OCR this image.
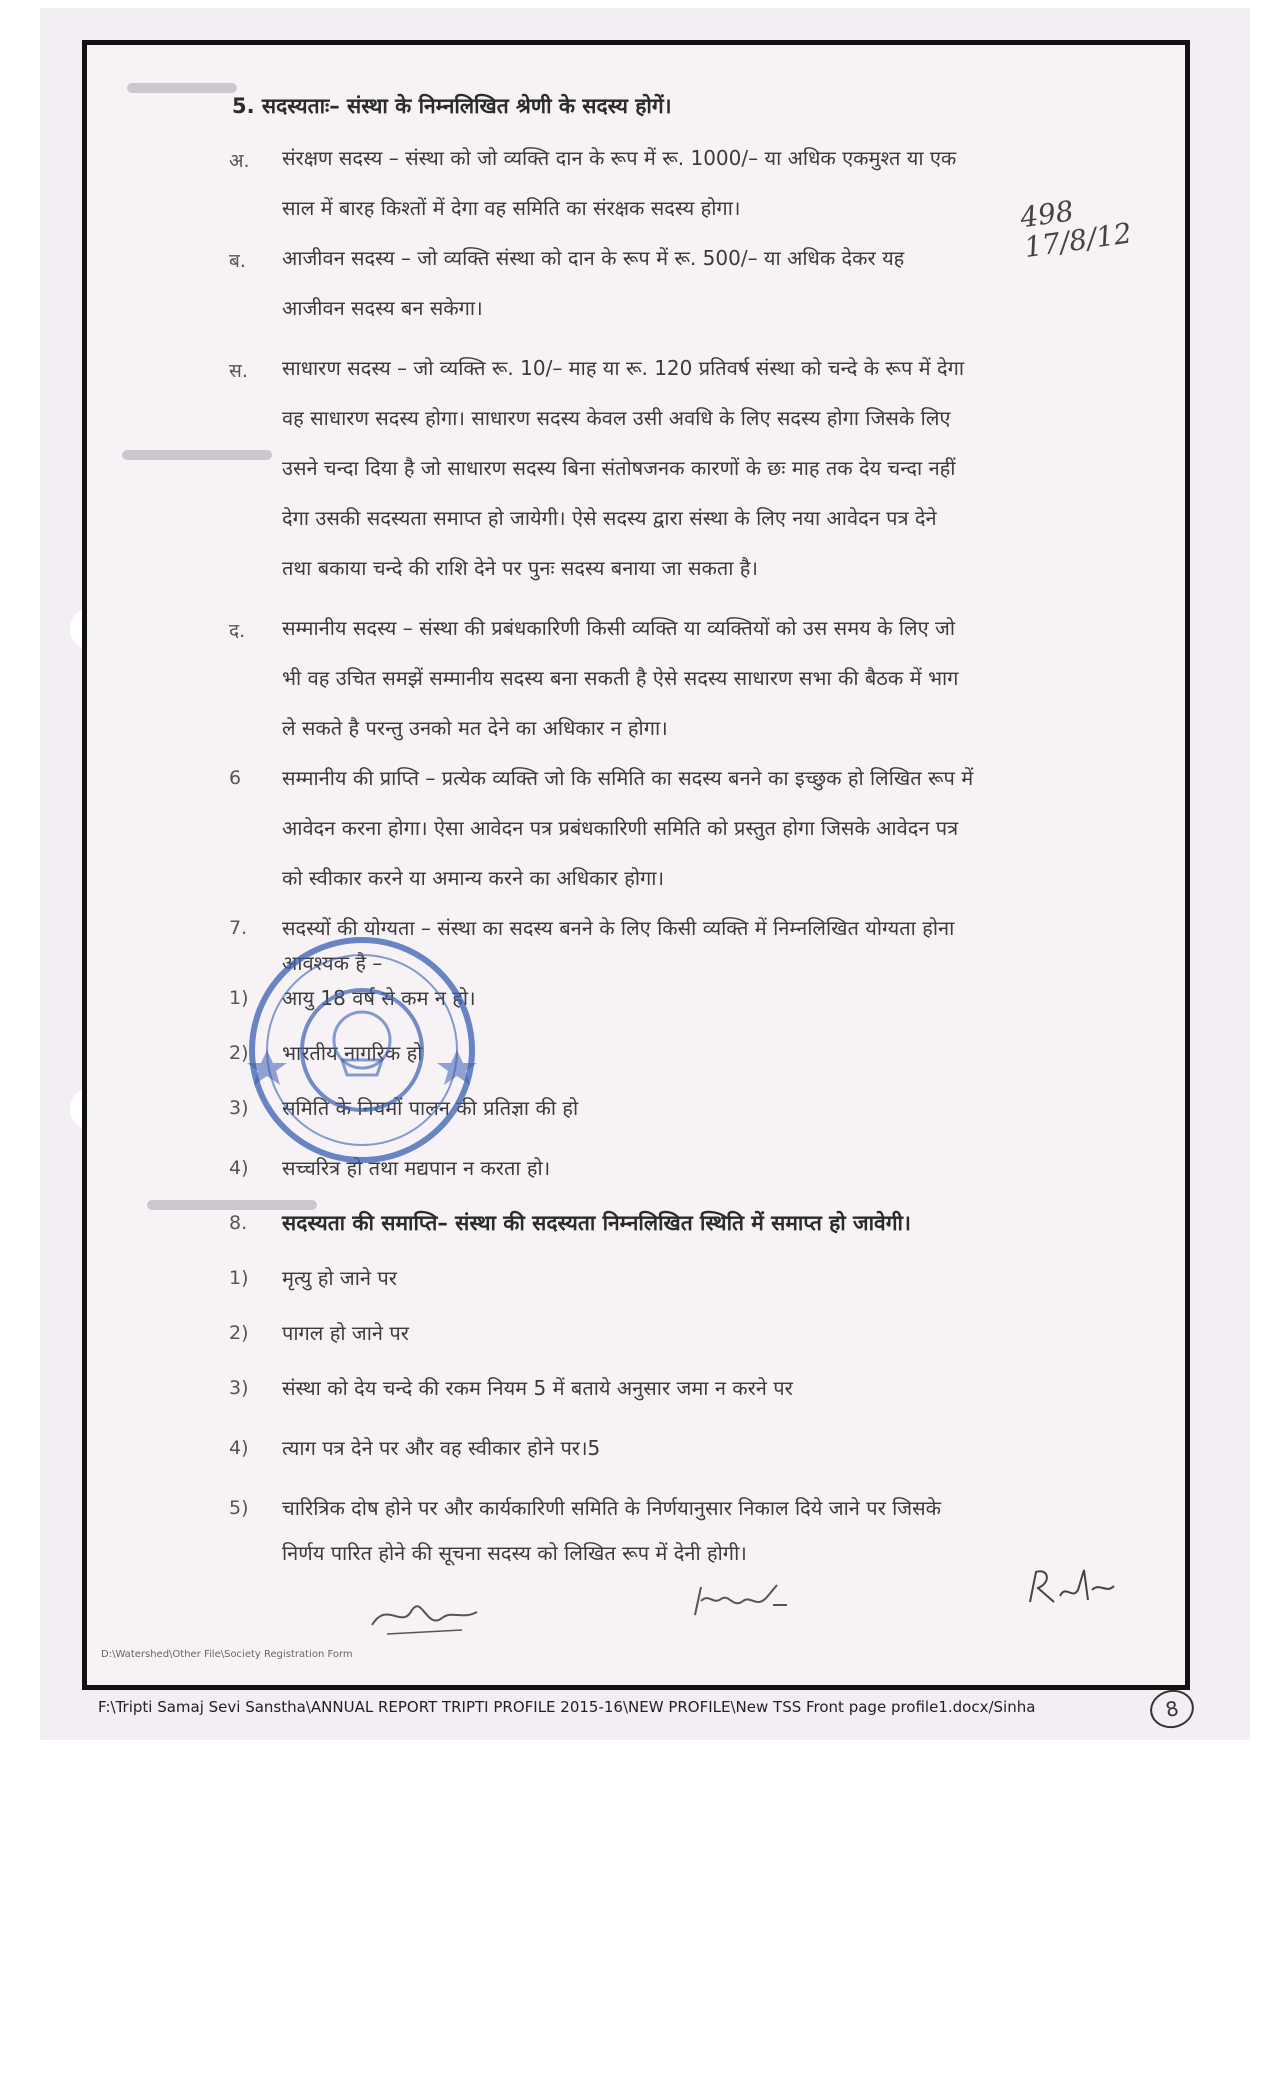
5. सदस्यताः– संस्था के निम्नलिखित श्रेणी के सदस्य होगें।
अ. संरक्षण सदस्य – संस्था को जो व्यक्ति दान के रूप में रू. 1000/– या अधिक एकमुश्त या एक
साल में बारह किश्तों में देगा वह समिति का संरक्षक सदस्य होगा।
ब. आजीवन सदस्य – जो व्यक्ति संस्था को दान के रूप में रू. 500/– या अधिक देकर यह
आजीवन सदस्य बन सकेगा।
स. साधारण सदस्य – जो व्यक्ति रू. 10/– माह या रू. 120 प्रतिवर्ष संस्था को चन्दे के रूप में देगा
वह साधारण सदस्य होगा। साधारण सदस्य केवल उसी अवधि के लिए सदस्य होगा जिसके लिए
उसने चन्दा दिया है जो साधारण सदस्य बिना संतोषजनक कारणों के छः माह तक देय चन्दा नहीं
देगा उसकी सदस्यता समाप्त हो जायेगी। ऐसे सदस्य द्वारा संस्था के लिए नया आवेदन पत्र देने
तथा बकाया चन्दे की राशि देने पर पुनः सदस्य बनाया जा सकता है।
द. सम्मानीय सदस्य – संस्था की प्रबंधकारिणी किसी व्यक्ति या व्यक्तियों को उस समय के लिए जो
भी वह उचित समझें सम्मानीय सदस्य बना सकती है ऐसे सदस्य साधारण सभा की बैठक में भाग
ले सकते है परन्तु उनको मत देने का अधिकार न होगा।
6 सम्मानीय की प्राप्ति – प्रत्येक व्यक्ति जो कि समिति का सदस्य बनने का इच्छुक हो लिखित रूप में
आवेदन करना होगा। ऐसा आवेदन पत्र प्रबंधकारिणी समिति को प्रस्तुत होगा जिसके आवेदन पत्र
को स्वीकार करने या अमान्य करने का अधिकार होगा।
7. सदस्यों की योग्यता – संस्था का सदस्य बनने के लिए किसी व्यक्ति में निम्नलिखित योग्यता होना
आवश्यक है –
1) आयु 18 वर्ष से कम न हो।
2) भारतीय नागरिक हो
3) समिति के नियमों पालन की प्रतिज्ञा की हो
4) सच्चरित्र हो तथा मद्यपान न करता हो।
8. सदस्यता की समाप्ति– संस्था की सदस्यता निम्नलिखित स्थिति में समाप्त हो जावेगी।
1) मृत्यु हो जाने पर
2) पागल हो जाने पर
3) संस्था को देय चन्दे की रकम नियम 5 में बताये अनुसार जमा न करने पर
4) त्याग पत्र देने पर और वह स्वीकार होने पर।5
5) चारित्रिक दोष होने पर और कार्यकारिणी समिति के निर्णयानुसार निकाल दिये जाने पर जिसके
निर्णय पारित होने की सूचना सदस्य को लिखित रूप में देनी होगी।
498 17/8/12
D:\Watershed\Other File\Society Registration Form
F:\Tripti Samaj Sevi Sanstha\ANNUAL REPORT TRIPTI PROFILE 2015-16\NEW PROFILE\New TSS Front page profile1.docx/Sinha	8
